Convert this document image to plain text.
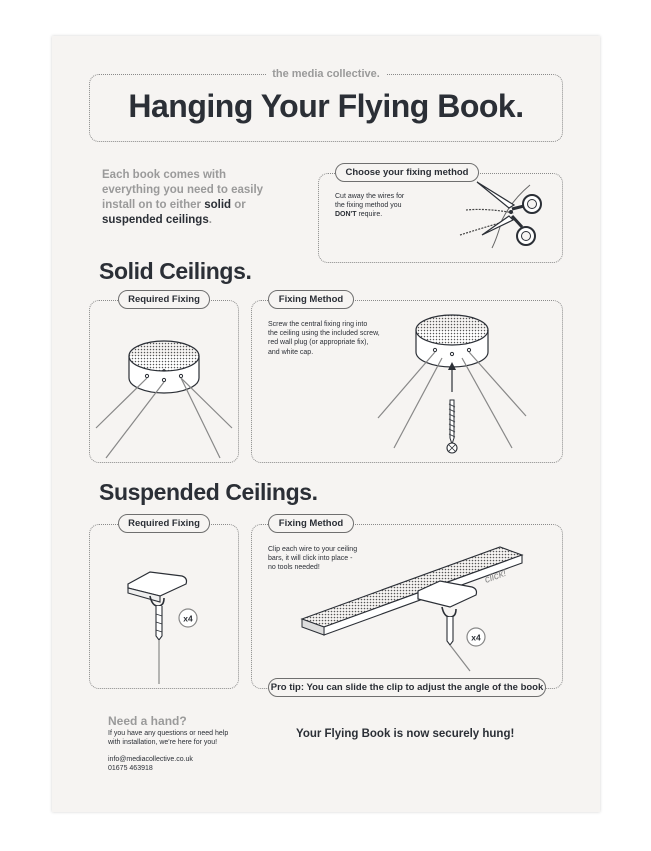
the media collective.
Hanging Your Flying Book.
Each book comes with everything you need to easily install on to either solid or suspended ceilings.
Choose your fixing method
Cut away the wires for
the fixing method you
DON'T require.
Solid Ceilings.
Required Fixing	Fixing Method
Screw the central fixing ring into
the ceiling using the included screw,
red wall plug (or appropriate fix),
and white cap.
Suspended Ceilings.
Required Fixing
x4
Fixing Method
Clip each wire to your ceiling
bars, it will click into place -
no tools needed!	click!
x4
Pro tip: You can slide the clip to adjust the angle of the book
Need a hand?
If you have any questions or need help
with installation, we're here for you!
info@mediacollective.co.uk
01675 463918
Your Flying Book is now securely hung!
